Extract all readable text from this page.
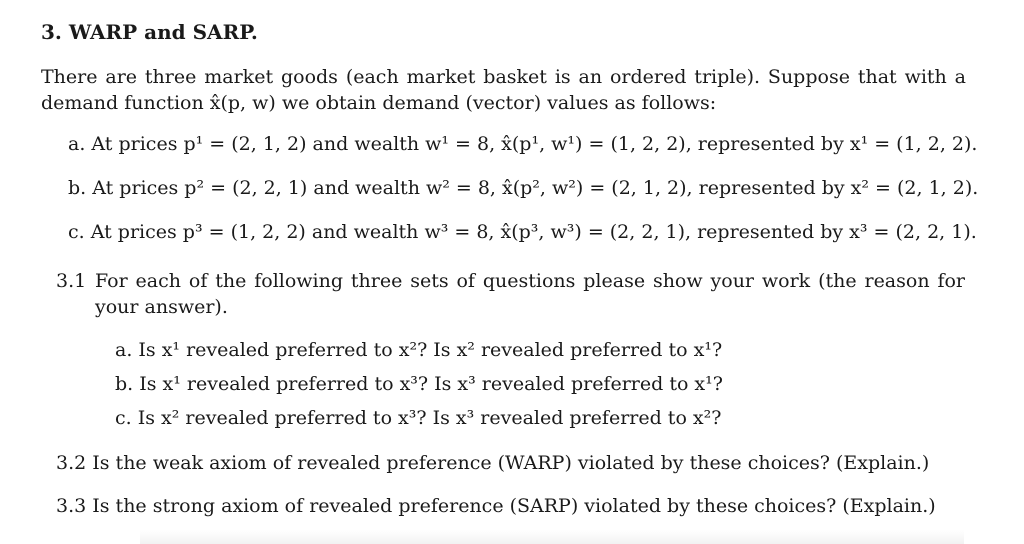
3. WARP and SARP.
There are three market goods (each market basket is an ordered triple). Suppose that with a demand function x̂(p, w) we obtain demand (vector) values as follows:
a. At prices p¹ = (2, 1, 2) and wealth w¹ = 8, x̂(p¹, w¹) = (1, 2, 2), represented by x¹ = (1, 2, 2).
b. At prices p² = (2, 2, 1) and wealth w² = 8, x̂(p², w²) = (2, 1, 2), represented by x² = (2, 1, 2).
c. At prices p³ = (1, 2, 2) and wealth w³ = 8, x̂(p³, w³) = (2, 2, 1), represented by x³ = (2, 2, 1).
3.1 For each of the following three sets of questions please show your work (the reason for your answer).
a. Is x¹ revealed preferred to x²? Is x² revealed preferred to x¹?
b. Is x¹ revealed preferred to x³? Is x³ revealed preferred to x¹?
c. Is x² revealed preferred to x³? Is x³ revealed preferred to x²?
3.2 Is the weak axiom of revealed preference (WARP) violated by these choices? (Explain.)
3.3 Is the strong axiom of revealed preference (SARP) violated by these choices? (Explain.)
